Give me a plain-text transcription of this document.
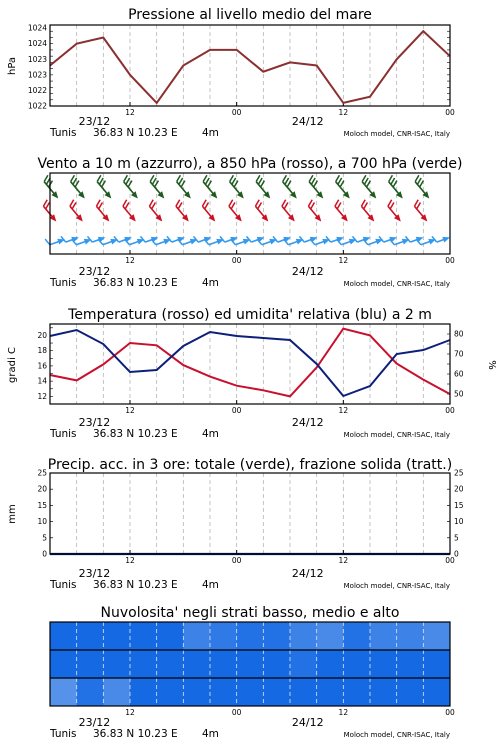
Pressione al livello medio del mare
12	00	12	00
1022
1023
1024
1022
1023
1024
hPa
23/12	24/12
Tunis 36.83 N 10.23 E 4m	Moloch model, CNR-ISAC, Italy
Vento a 10 m (azzurro), a 850 hPa (rosso), a 700 hPa (verde)
12	00	12	00
23/12	24/12
Tunis 36.83 N 10.23 E 4m	Moloch model, CNR-ISAC, Italy
Temperatura (rosso) ed umidita' relativa (blu) a 2 m
12	00	12	00
12
14
16
18
20
50
60
70
80
gradi C	%
23/12	24/12
Tunis 36.83 N 10.23 E 4m	Moloch model, CNR-ISAC, Italy
Precip. acc. in 3 ore: totale (verde), frazione solida (tratt.)
12	00	12	00
0	0
5	5
10	10
15	15
20	20
25	25
mm
23/12	24/12
Tunis 36.83 N 10.23 E 4m	Moloch model, CNR-ISAC, Italy
Nuvolosita' negli strati basso, medio e alto
12	00	12	00
23/12	24/12
Tunis 36.83 N 10.23 E 4m	Moloch model, CNR-ISAC, Italy
